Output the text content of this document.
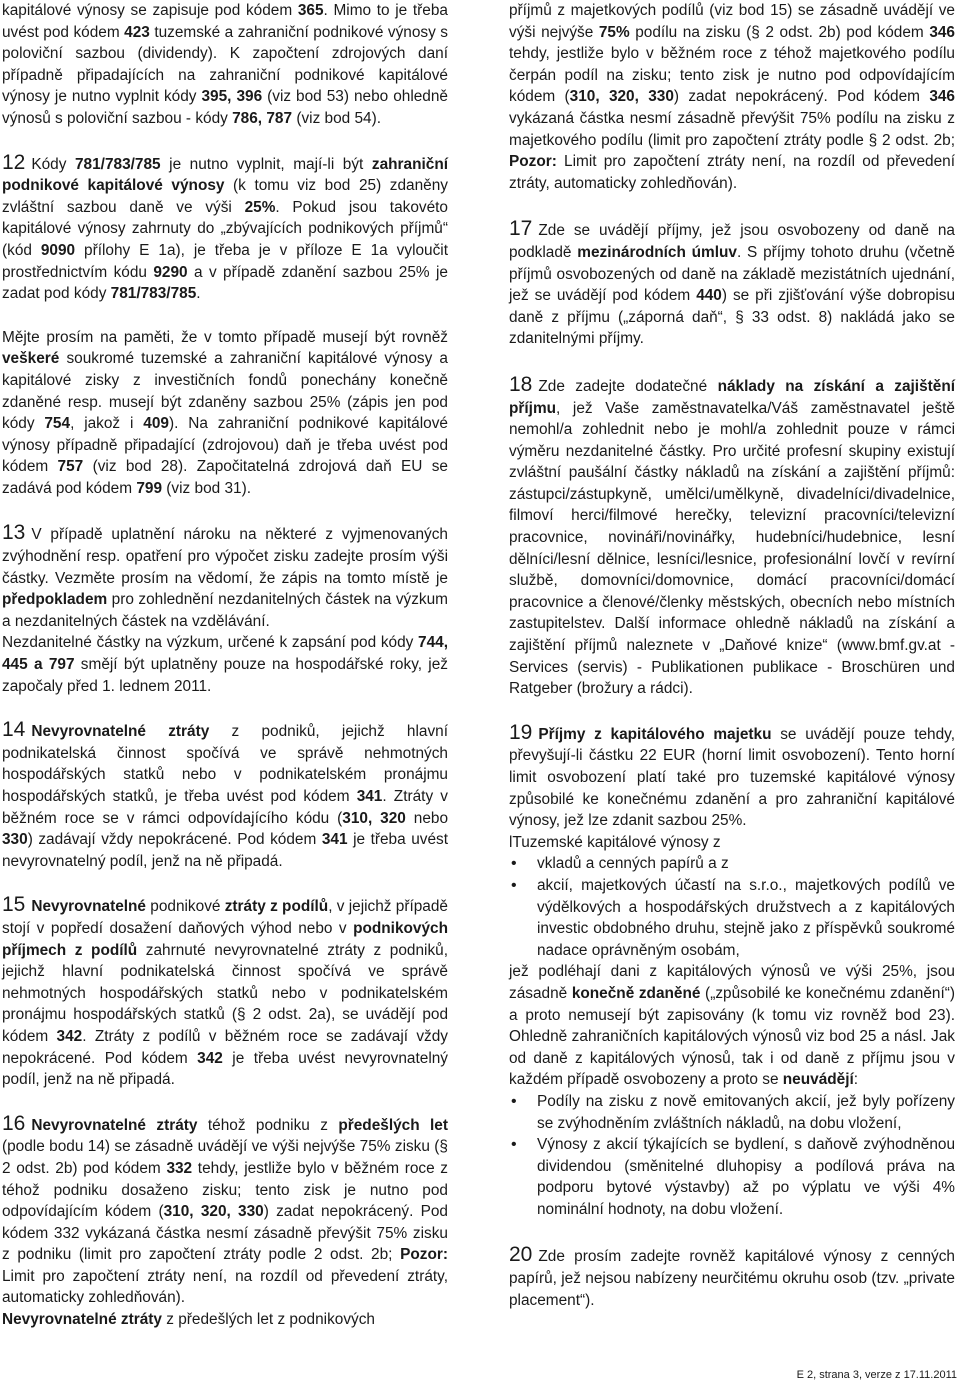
kapitálové výnosy se zapisuje pod kódem 365. Mimo to je třeba uvést pod kódem 423 tuzemské a zahraniční podnikové výnosy s poloviční sazbou (dividendy). K započtení zdrojových daní případně připadajících na zahraniční podnikové kapitálové výnosy je nutno vyplnit kódy 395, 396 (viz bod 53) nebo ohledně výnosů s poloviční sazbou - kódy 786, 787 (viz bod 54).

12 Kódy 781/783/785 je nutno vyplnit, mají-li být zahraniční podnikové kapitálové výnosy (k tomu viz bod 25) zdaněny zvláštní sazbou daně ve výši 25%. Pokud jsou takovéto kapitálové výnosy zahrnuty do „zbývajících podnikových příjmů“ (kód 9090 přílohy E 1a), je třeba je v příloze E 1a vyloučit prostřednictvím kódu 9290 a v případě zdanění sazbou 25% je zadat pod kódy 781/783/785.

Mějte prosím na paměti, že v tomto případě musejí být rovněž veškeré soukromé tuzemské a zahraniční kapitálové výnosy a kapitálové zisky z investičních fondů ponechány konečně zdaněné resp. musejí být zdaněny sazbou 25% (zápis jen pod kódy 754, jakož i 409). Na zahraniční podnikové kapitálové výnosy případně připadající (zdrojovou) daň je třeba uvést pod kódem 757 (viz bod 28). Započitatelná zdrojová daň EU se zadává pod kódem 799 (viz bod 31).

13 V případě uplatnění nároku na některé z vyjmenovaných zvýhodnění resp. opatření pro výpočet zisku zadejte prosím výši částky. Vezměte prosím na vědomí, že zápis na tomto místě je předpokladem pro zohlednění nezdanitelných částek na výzkum a nezdanitelných částek na vzdělávání.

Nezdanitelné částky na výzkum, určené k zapsání pod kódy 744, 445 a 797 smějí být uplatněny pouze na hospodářské roky, jež započaly před 1. lednem 2011.

14 Nevyrovnatelné ztráty z podniků, jejichž hlavní podnikatelská činnost spočívá ve správě nehmotných hospodářských statků nebo v podnikatelském pronájmu hospodářských statků, je třeba uvést pod kódem 341. Ztráty v běžném roce se v rámci odpovídajícího kódu (310, 320 nebo 330) zadávají vždy nepokrácené. Pod kódem 341 je třeba uvést nevyrovnatelný podíl, jenž na ně připadá.

15 Nevyrovnatelné podnikové ztráty z podílů, v jejichž případě stojí v popředí dosažení daňových výhod nebo v podnikových příjmech z podílů zahrnuté nevyrovnatelné ztráty z podniků, jejichž hlavní podnikatelská činnost spočívá ve správě nehmotných hospodářských statků nebo v podnikatelském pronájmu hospodářských statků (§ 2 odst. 2a), se uvádějí pod kódem 342. Ztráty z podílů v běžném roce se zadávají vždy nepokrácené. Pod kódem 342 je třeba uvést nevyrovnatelný podíl, jenž na ně připadá.

16 Nevyrovnatelné ztráty téhož podniku z předešlých let (podle bodu 14) se zásadně uvádějí ve výši nejvýše 75% zisku (§ 2 odst. 2b) pod kódem 332 tehdy, jestliže bylo v běžném roce z téhož podniku dosaženo zisku; tento zisk je nutno pod odpovídajícím kódem (310, 320, 330) zadat nepokrácený. Pod kódem 332 vykázaná částka nesmí zásadně převýšit 75% zisku z podniku (limit pro započtení ztráty podle 2 odst. 2b; Pozor: Limit pro započtení ztráty není, na rozdíl od převedení ztráty, automaticky zohledňován).

Nevyrovnatelné ztráty z předešlých let z podnikových

příjmů z majetkových podílů (viz bod 15) se zásadně uvádějí ve výši nejvýše 75% podílu na zisku (§ 2 odst. 2b) pod kódem 346 tehdy, jestliže bylo v běžném roce z téhož majetkového podílu čerpán podíl na zisku; tento zisk je nutno pod odpovídajícím kódem (310, 320, 330) zadat nepokrácený. Pod kódem 346 vykázaná částka nesmí zásadně převýšit 75% podílu na zisku z majetkového podílu (limit pro započtení ztráty podle § 2 odst. 2b; Pozor: Limit pro započtení ztráty není, na rozdíl od převedení ztráty, automaticky zohledňován).

17 Zde se uvádějí příjmy, jež jsou osvobozeny od daně na podkladě mezinárodních úmluv. S příjmy tohoto druhu (včetně příjmů osvobozených od daně na základě mezistátních ujednání, jež se uvádějí pod kódem 440) se při zjišťování výše dobropisu daně z příjmu („záporná daň“, § 33 odst. 8) nakládá jako se zdanitelnými příjmy.

18 Zde zadejte dodatečné náklady na získání a zajištění příjmu, jež Vaše zaměstnavatelka/Váš zaměstnavatel ještě nemohl/a zohlednit nebo je mohl/a zohlednit pouze v rámci výměru nezdanitelné částky. Pro určité profesní skupiny existují zvláštní paušální částky nákladů na získání a zajištění příjmů: zástupci/zástupkyně, umělci/umělkyně, divadelníci/divadelnice, filmoví herci/filmové herečky, televizní pracovníci/televizní pracovnice, novináři/novinářky, hudebníci/hudebnice, lesní dělníci/lesní dělnice, lesníci/lesnice, profesionální lovčí v revírní službě, domovníci/domovnice, domácí pracovníci/domácí pracovnice a členové/členky městských, obecních nebo místních zastupitelstev. Další informace ohledně nákladů na získání a zajištění příjmů naleznete v „Daňové knize“ (www.bmf.gv.at - Services (servis) - Publikationen publikace - Broschüren und Ratgeber (brožury a rádci).

19 Příjmy z kapitálového majetku se uvádějí pouze tehdy, převyšují-li částku 22 EUR (horní limit osvobození). Tento horní limit osvobození platí také pro tuzemské kapitálové výnosy způsobilé ke konečnému zdanění a pro zahraniční kapitálové výnosy, jež lze zdanit sazbou 25%.

lTuzemské kapitálové výnosy z

• vkladů a cenných papírů a z
• akcií, majetkových účastí na s.r.o., majetkových podílů ve výdělkových a hospodářských družstvech a z kapitálových investic obdobného druhu, stejně jako z příspěvků soukromé nadace oprávněným osobám,

jež podléhají dani z kapitálových výnosů ve výši 25%, jsou zásadně konečně zdaněné („způsobilé ke konečnému zdanění“) a proto nemusejí být zapisovány (k tomu viz rovněž bod 23). Ohledně zahraničních kapitálových výnosů viz bod 25 a násl. Jak od daně z kapitálových výnosů, tak i od daně z příjmu jsou v každém případě osvobozeny a proto se neuvádějí:

• Podíly na zisku z nově emitovaných akcií, jež byly pořízeny se zvýhodněním zvláštních nákladů, na dobu vložení,
• Výnosy z akcií týkajících se bydlení, s daňově zvýhodněnou dividendou (směnitelné dluhopisy a podílová práva na podporu bytové výstavby) až po výplatu ve výši 4% nominální hodnoty, na dobu vložení.

20 Zde prosím zadejte rovněž kapitálové výnosy z cenných papírů, jež nejsou nabízeny neurčitému okruhu osob (tzv. „private placement“).

E 2, strana 3, verze z 17.11.2011
